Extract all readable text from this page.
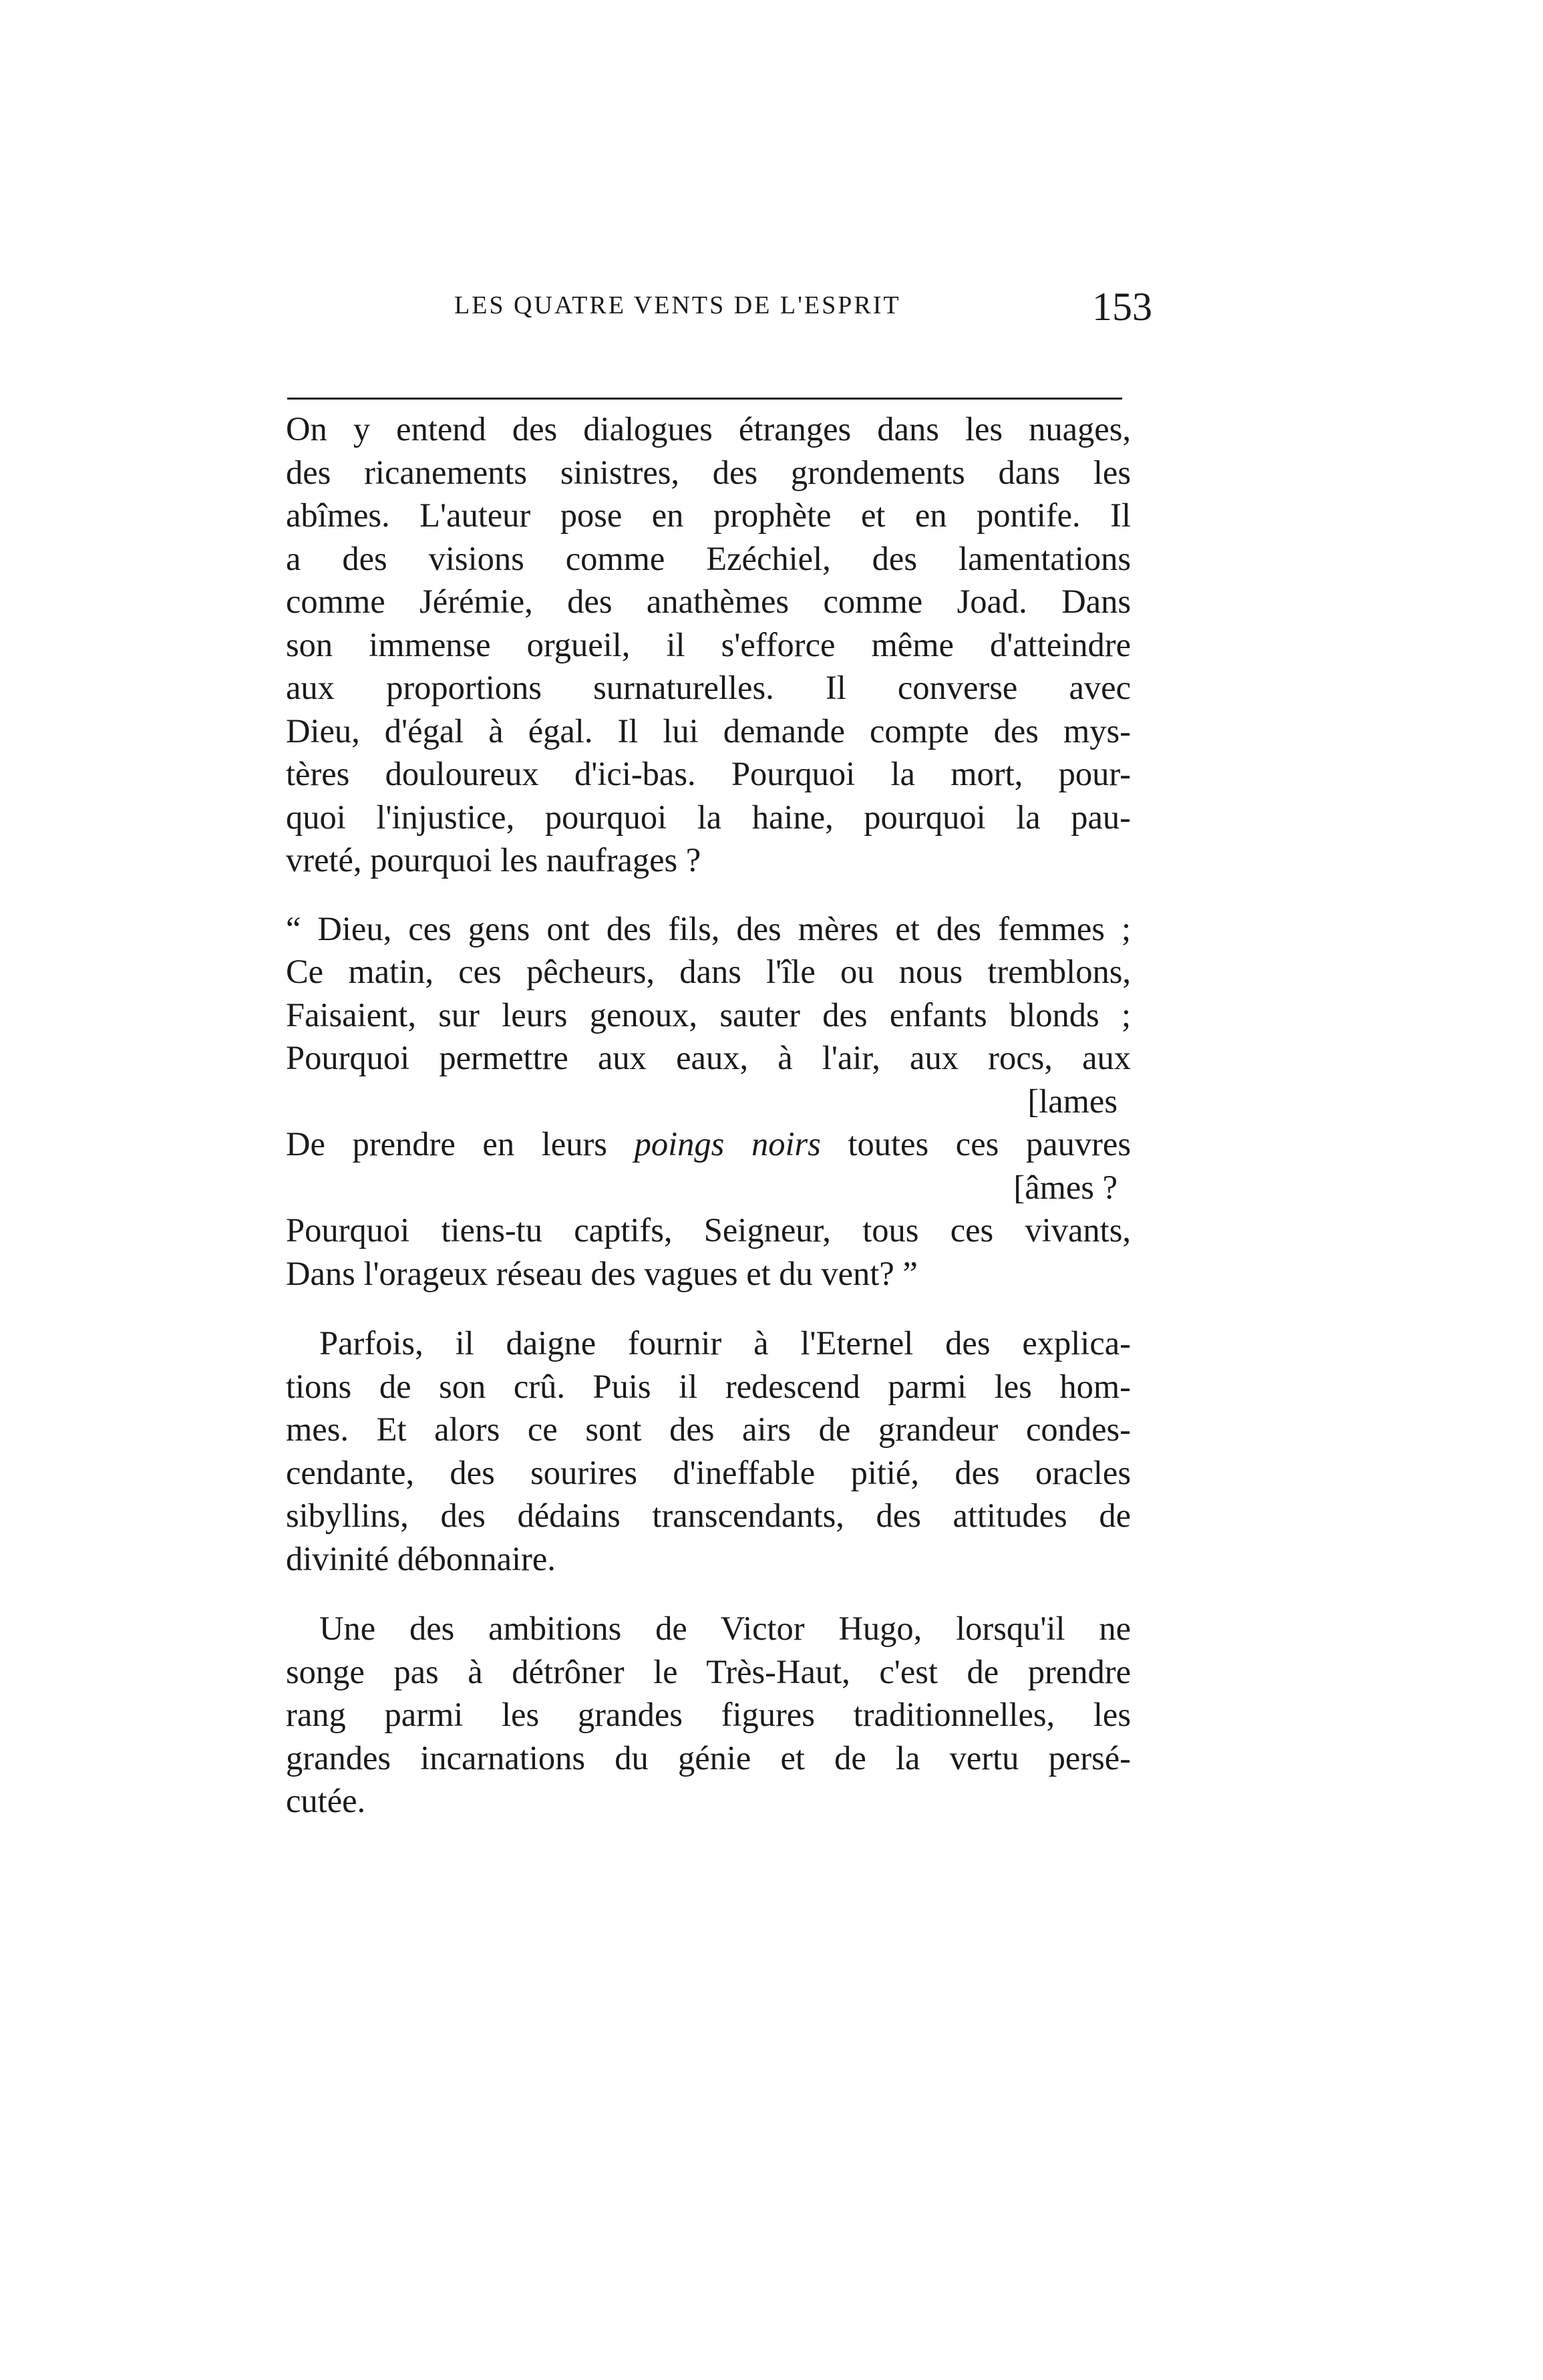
LES QUATRE VENTS DE L'ESPRIT	153

On y entend des dialogues étranges dans les nuages,
des ricanements sinistres, des grondements dans les
abîmes. L'auteur pose en prophète et en pontife. Il
a des visions comme Ezéchiel, des lamentations
comme Jérémie, des anathèmes comme Joad. Dans
son immense orgueil, il s'efforce même d'atteindre
aux proportions surnaturelles. Il converse avec
Dieu, d'égal à égal. Il lui demande compte des mys-
tères douloureux d'ici-bas. Pourquoi la mort, pour-
quoi l'injustice, pourquoi la haine, pourquoi la pau-
vreté, pourquoi les naufrages ?

“ Dieu, ces gens ont des fils, des mères et des femmes ;
Ce matin, ces pêcheurs, dans l'île ou nous tremblons,
Faisaient, sur leurs genoux, sauter des enfants blonds ;
Pourquoi permettre aux eaux, à l'air, aux rocs, aux
[lames
De prendre en leurs poings noirs toutes ces pauvres
[âmes ?
Pourquoi tiens-tu captifs, Seigneur, tous ces vivants,
Dans l'orageux réseau des vagues et du vent? ”

Parfois, il daigne fournir à l'Eternel des explica-
tions de son crû. Puis il redescend parmi les hom-
mes. Et alors ce sont des airs de grandeur condes-
cendante, des sourires d'ineffable pitié, des oracles
sibyllins, des dédains transcendants, des attitudes de
divinité débonnaire.

Une des ambitions de Victor Hugo, lorsqu'il ne
songe pas à détrôner le Très-Haut, c'est de prendre
rang parmi les grandes figures traditionnelles, les
grandes incarnations du génie et de la vertu persé-
cutée.
